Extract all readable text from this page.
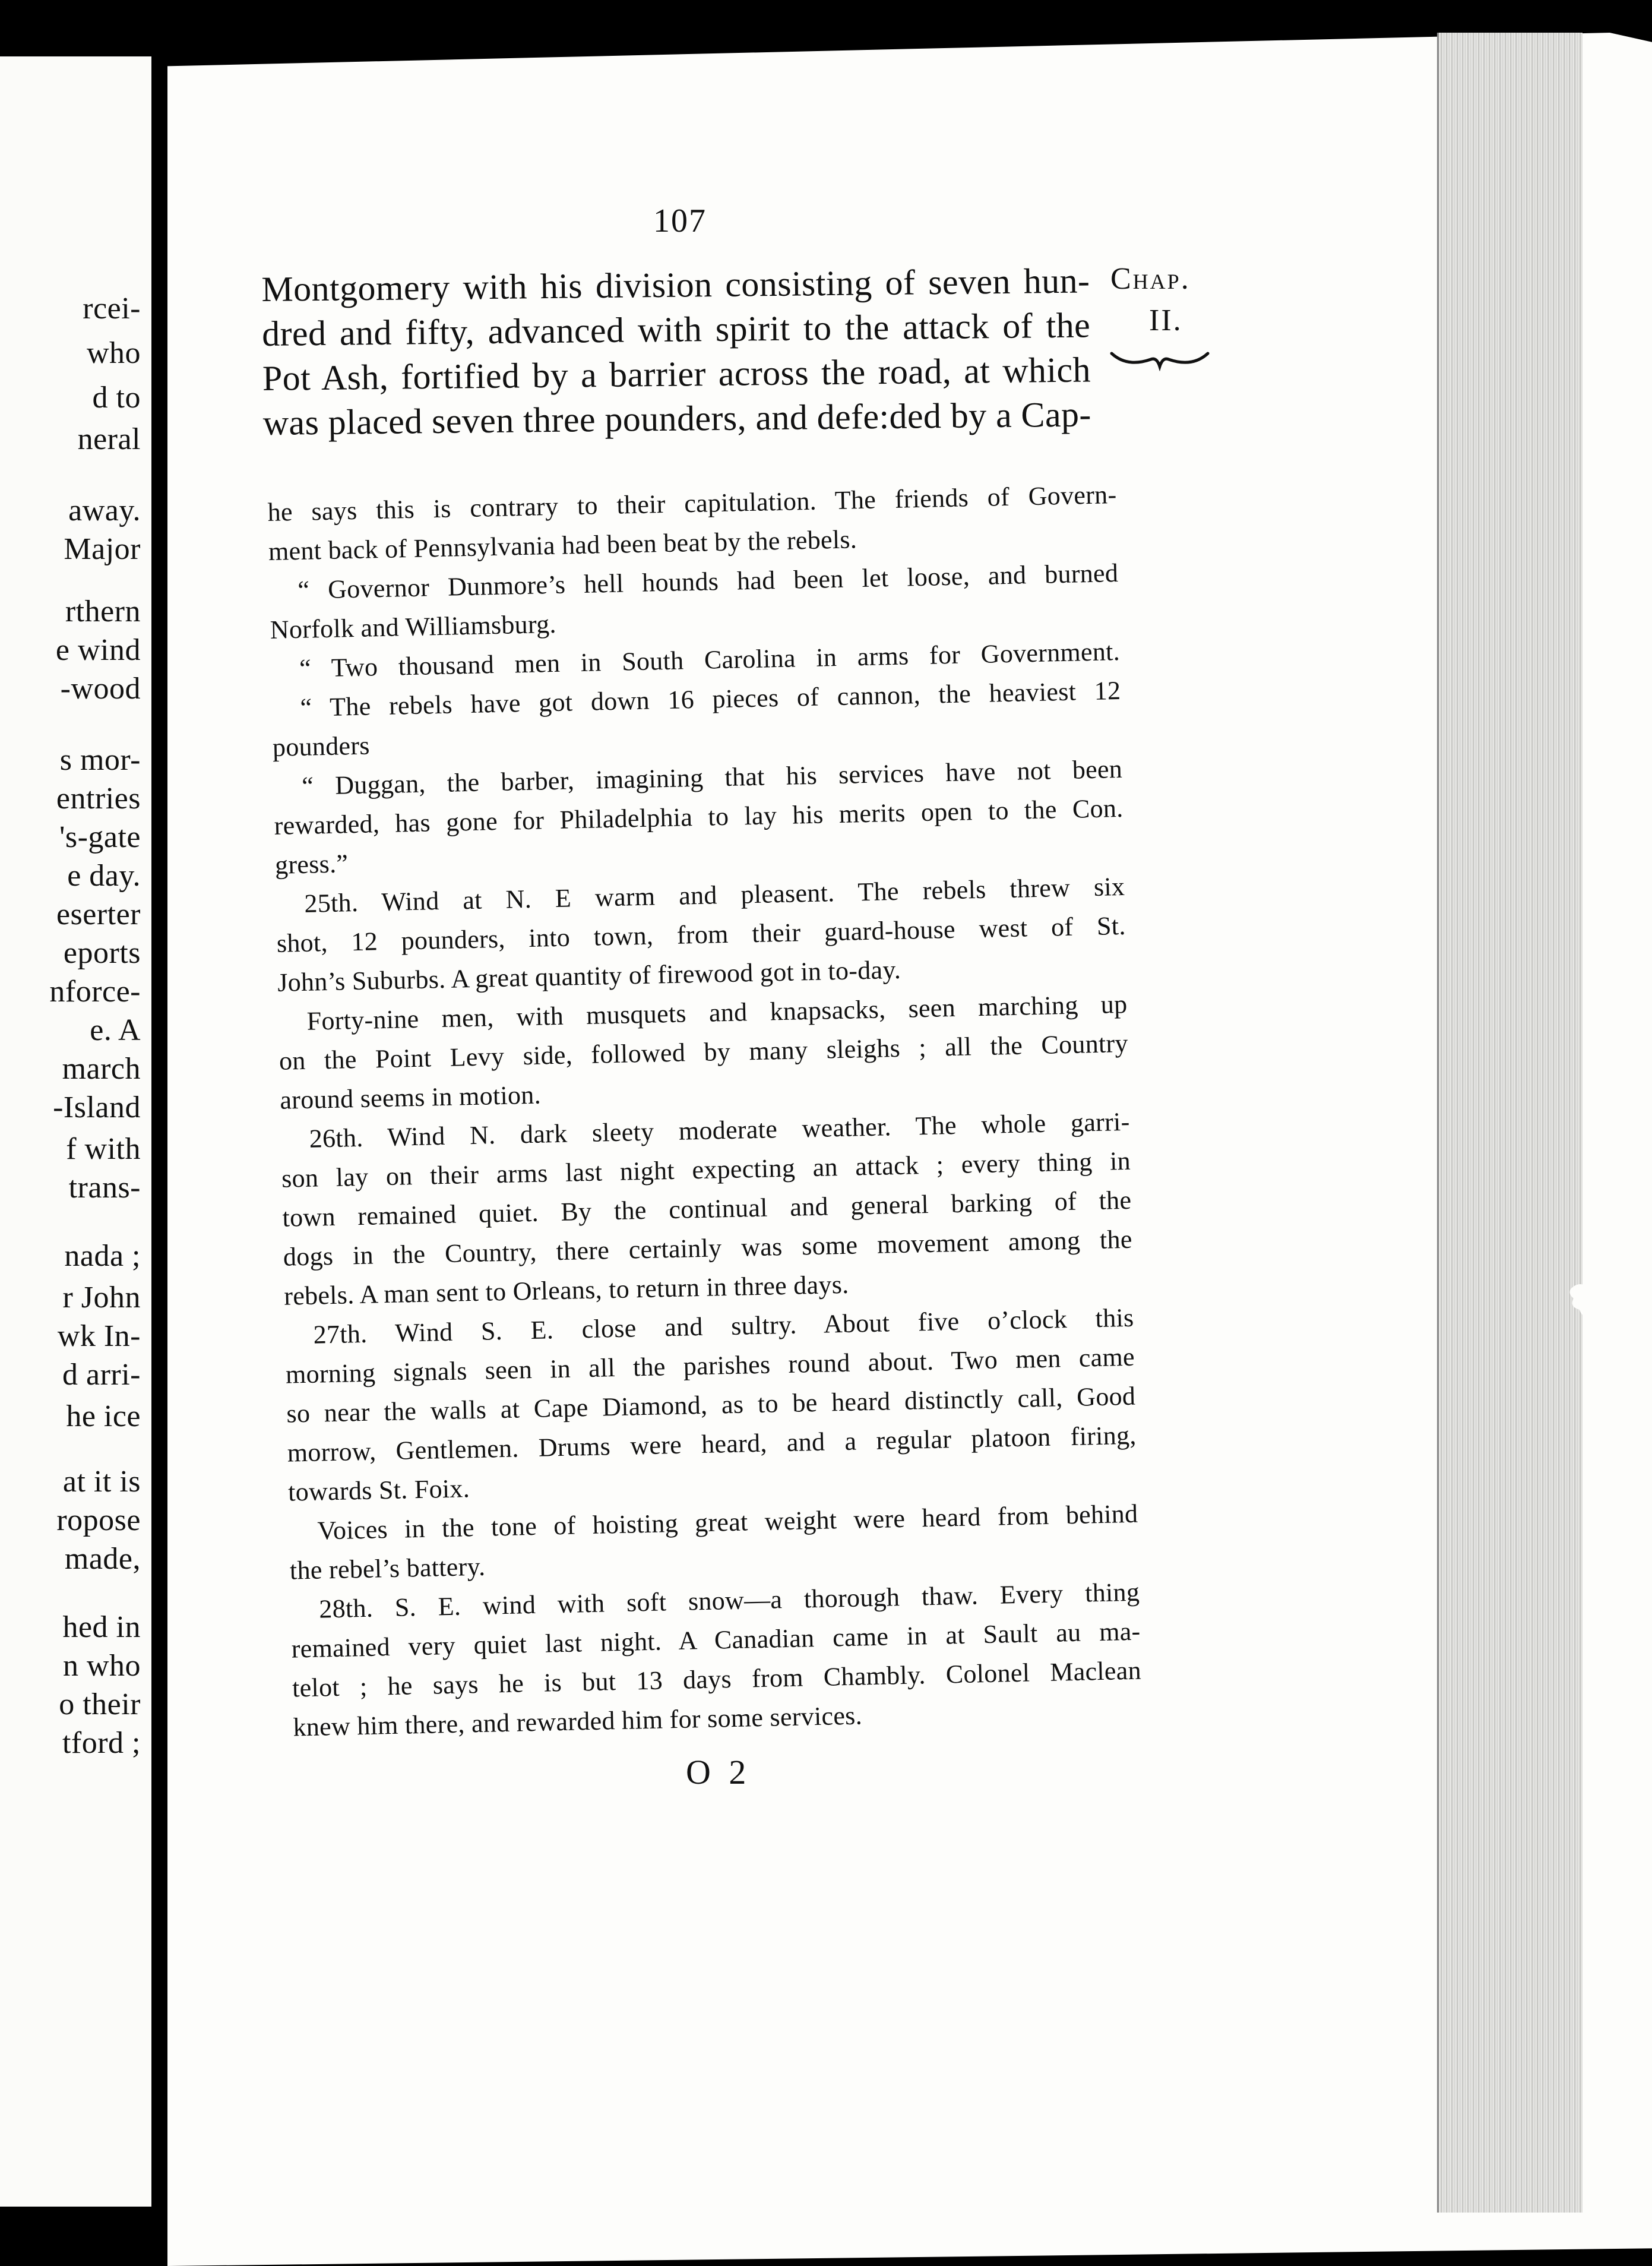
rcei-
who
d to
neral
away.
Major
rthern
e wind
-wood
s mor-
entries
's-gate
e day.
eserter
eports
nforce-
e. A
march
-Island
f with
trans-
nada ;
r John
wk In-
d arri-
he ice
at it is
ropose
made,
hed in
n who
o their
tford ;
107
Chap.
II.
Montgomery with his division consisting of seven hun-
dred and fifty, advanced with spirit to the attack of the
Pot Ash, fortified by a barrier across the road, at which
was placed seven three pounders, and defe:ded by a Cap-
he says this is contrary to their capitulation. The friends of Govern-
ment back of Pennsylvania had been beat by the rebels.
“ Governor Dunmore’s hell hounds had been let loose, and burned
Norfolk and Williamsburg.
“ Two thousand men in South Carolina in arms for Government.
“ The rebels have got down 16 pieces of cannon, the heaviest 12
pounders
“ Duggan, the barber, imagining that his services have not been
rewarded, has gone for Philadelphia to lay his merits open to the Con.
gress.”
25th. Wind at N. E warm and pleasent. The rebels threw six
shot, 12 pounders, into town, from their guard-house west of St.
John’s Suburbs. A great quantity of firewood got in to-day.
Forty-nine men, with musquets and knapsacks, seen marching up
on the Point Levy side, followed by many sleighs ; all the Country
around seems in motion.
26th. Wind N. dark sleety moderate weather. The whole garri-
son lay on their arms last night expecting an attack ; every thing in
town remained quiet. By the continual and general barking of the
dogs in the Country, there certainly was some movement among the
rebels. A man sent to Orleans, to return in three days.
27th. Wind S. E. close and sultry. About five o’clock this
morning signals seen in all the parishes round about. Two men came
so near the walls at Cape Diamond, as to be heard distinctly call, Good
morrow, Gentlemen. Drums were heard, and a regular platoon firing,
towards St. Foix.
Voices in the tone of hoisting great weight were heard from behind
the rebel’s battery.
28th. S. E. wind with soft snow—a thorough thaw. Every thing
remained very quiet last night. A Canadian came in at Sault au ma-
telot ; he says he is but 13 days from Chambly. Colonel Maclean
knew him there, and rewarded him for some services.
O 2
